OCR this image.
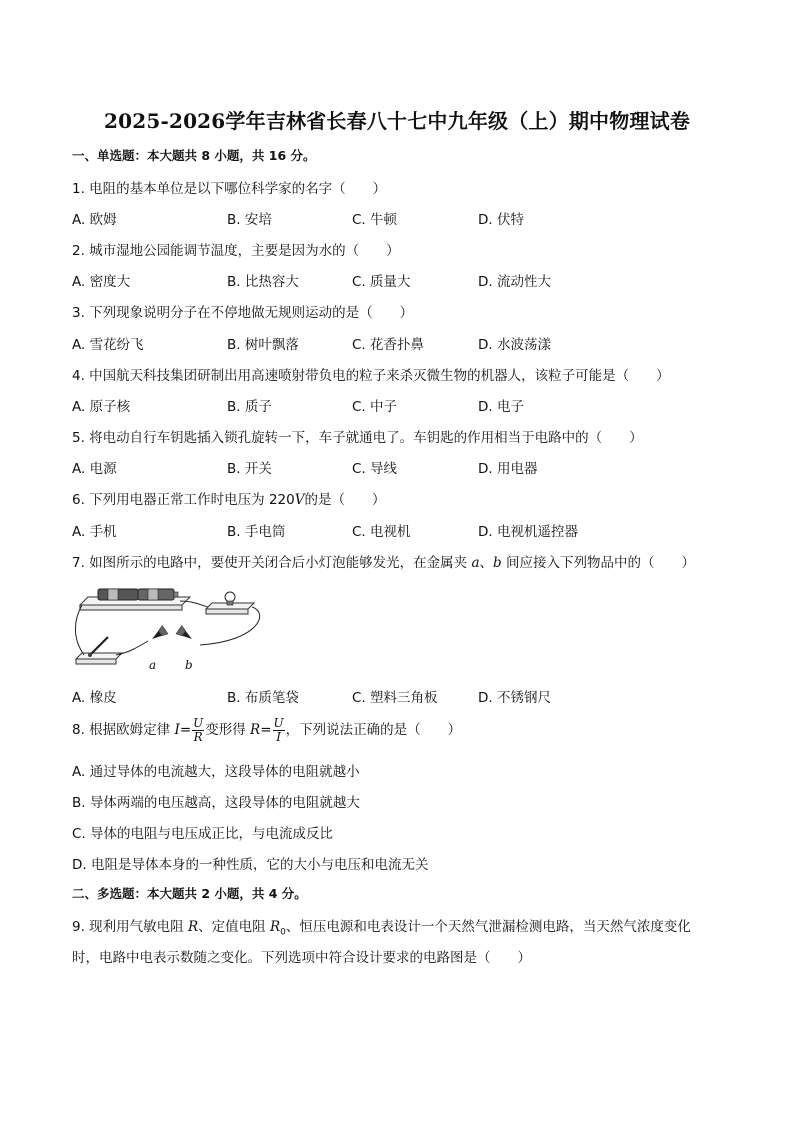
2025-2026学年吉林省长春八十七中九年级（上）期中物理试卷
一、单选题：本大题共 8 小题，共 16 分。
1. 电阻的基本单位是以下哪位科学家的名字（　　）
A. 欧姆	B. 安培	C. 牛顿	D. 伏特
2. 城市湿地公园能调节温度，主要是因为水的（　　）
A. 密度大	B. 比热容大	C. 质量大	D. 流动性大
3. 下列现象说明分子在不停地做无规则运动的是（　　）
A. 雪花纷飞	B. 树叶飘落	C. 花香扑鼻	D. 水波荡漾
4. 中国航天科技集团研制出用高速喷射带负电的粒子来杀灭微生物的机器人，该粒子可能是（　　）
A. 原子核	B. 质子	C. 中子	D. 电子
5. 将电动自行车钥匙插入锁孔旋转一下，车子就通电了。车钥匙的作用相当于电路中的（　　）
A. 电源	B. 开关	C. 导线	D. 用电器
6. 下列用电器正常工作时电压为 220V的是（　　）
A. 手机	B. 手电筒	C. 电视机	D. 电视机遥控器
7. 如图所示的电路中，要使开关闭合后小灯泡能够发光，在金属夹 a、b 间应接入下列物品中的（　　）
a b
A. 橡皮	B. 布质笔袋	C. 塑料三角板	D. 不锈钢尺
8. 根据欧姆定律 $I= \frac{U}{R}$ 变形得 $R= \frac{U}{I}$ ，下列说法正确的是（　　）
A. 通过导体的电流越大，这段导体的电阻就越小
B. 导体两端的电压越高，这段导体的电阻就越大
C. 导体的电阻与电压成正比，与电流成反比
D. 电阻是导体本身的一种性质，它的大小与电压和电流无关
二、多选题：本大题共 2 小题，共 4 分。
9. 现利用气敏电阻 R、定值电阻 $R_0$、恒压电源和电表设计一个天然气泄漏检测电路，当天然气浓度变化
时，电路中电表示数随之变化。下列选项中符合设计要求的电路图是（　　）
